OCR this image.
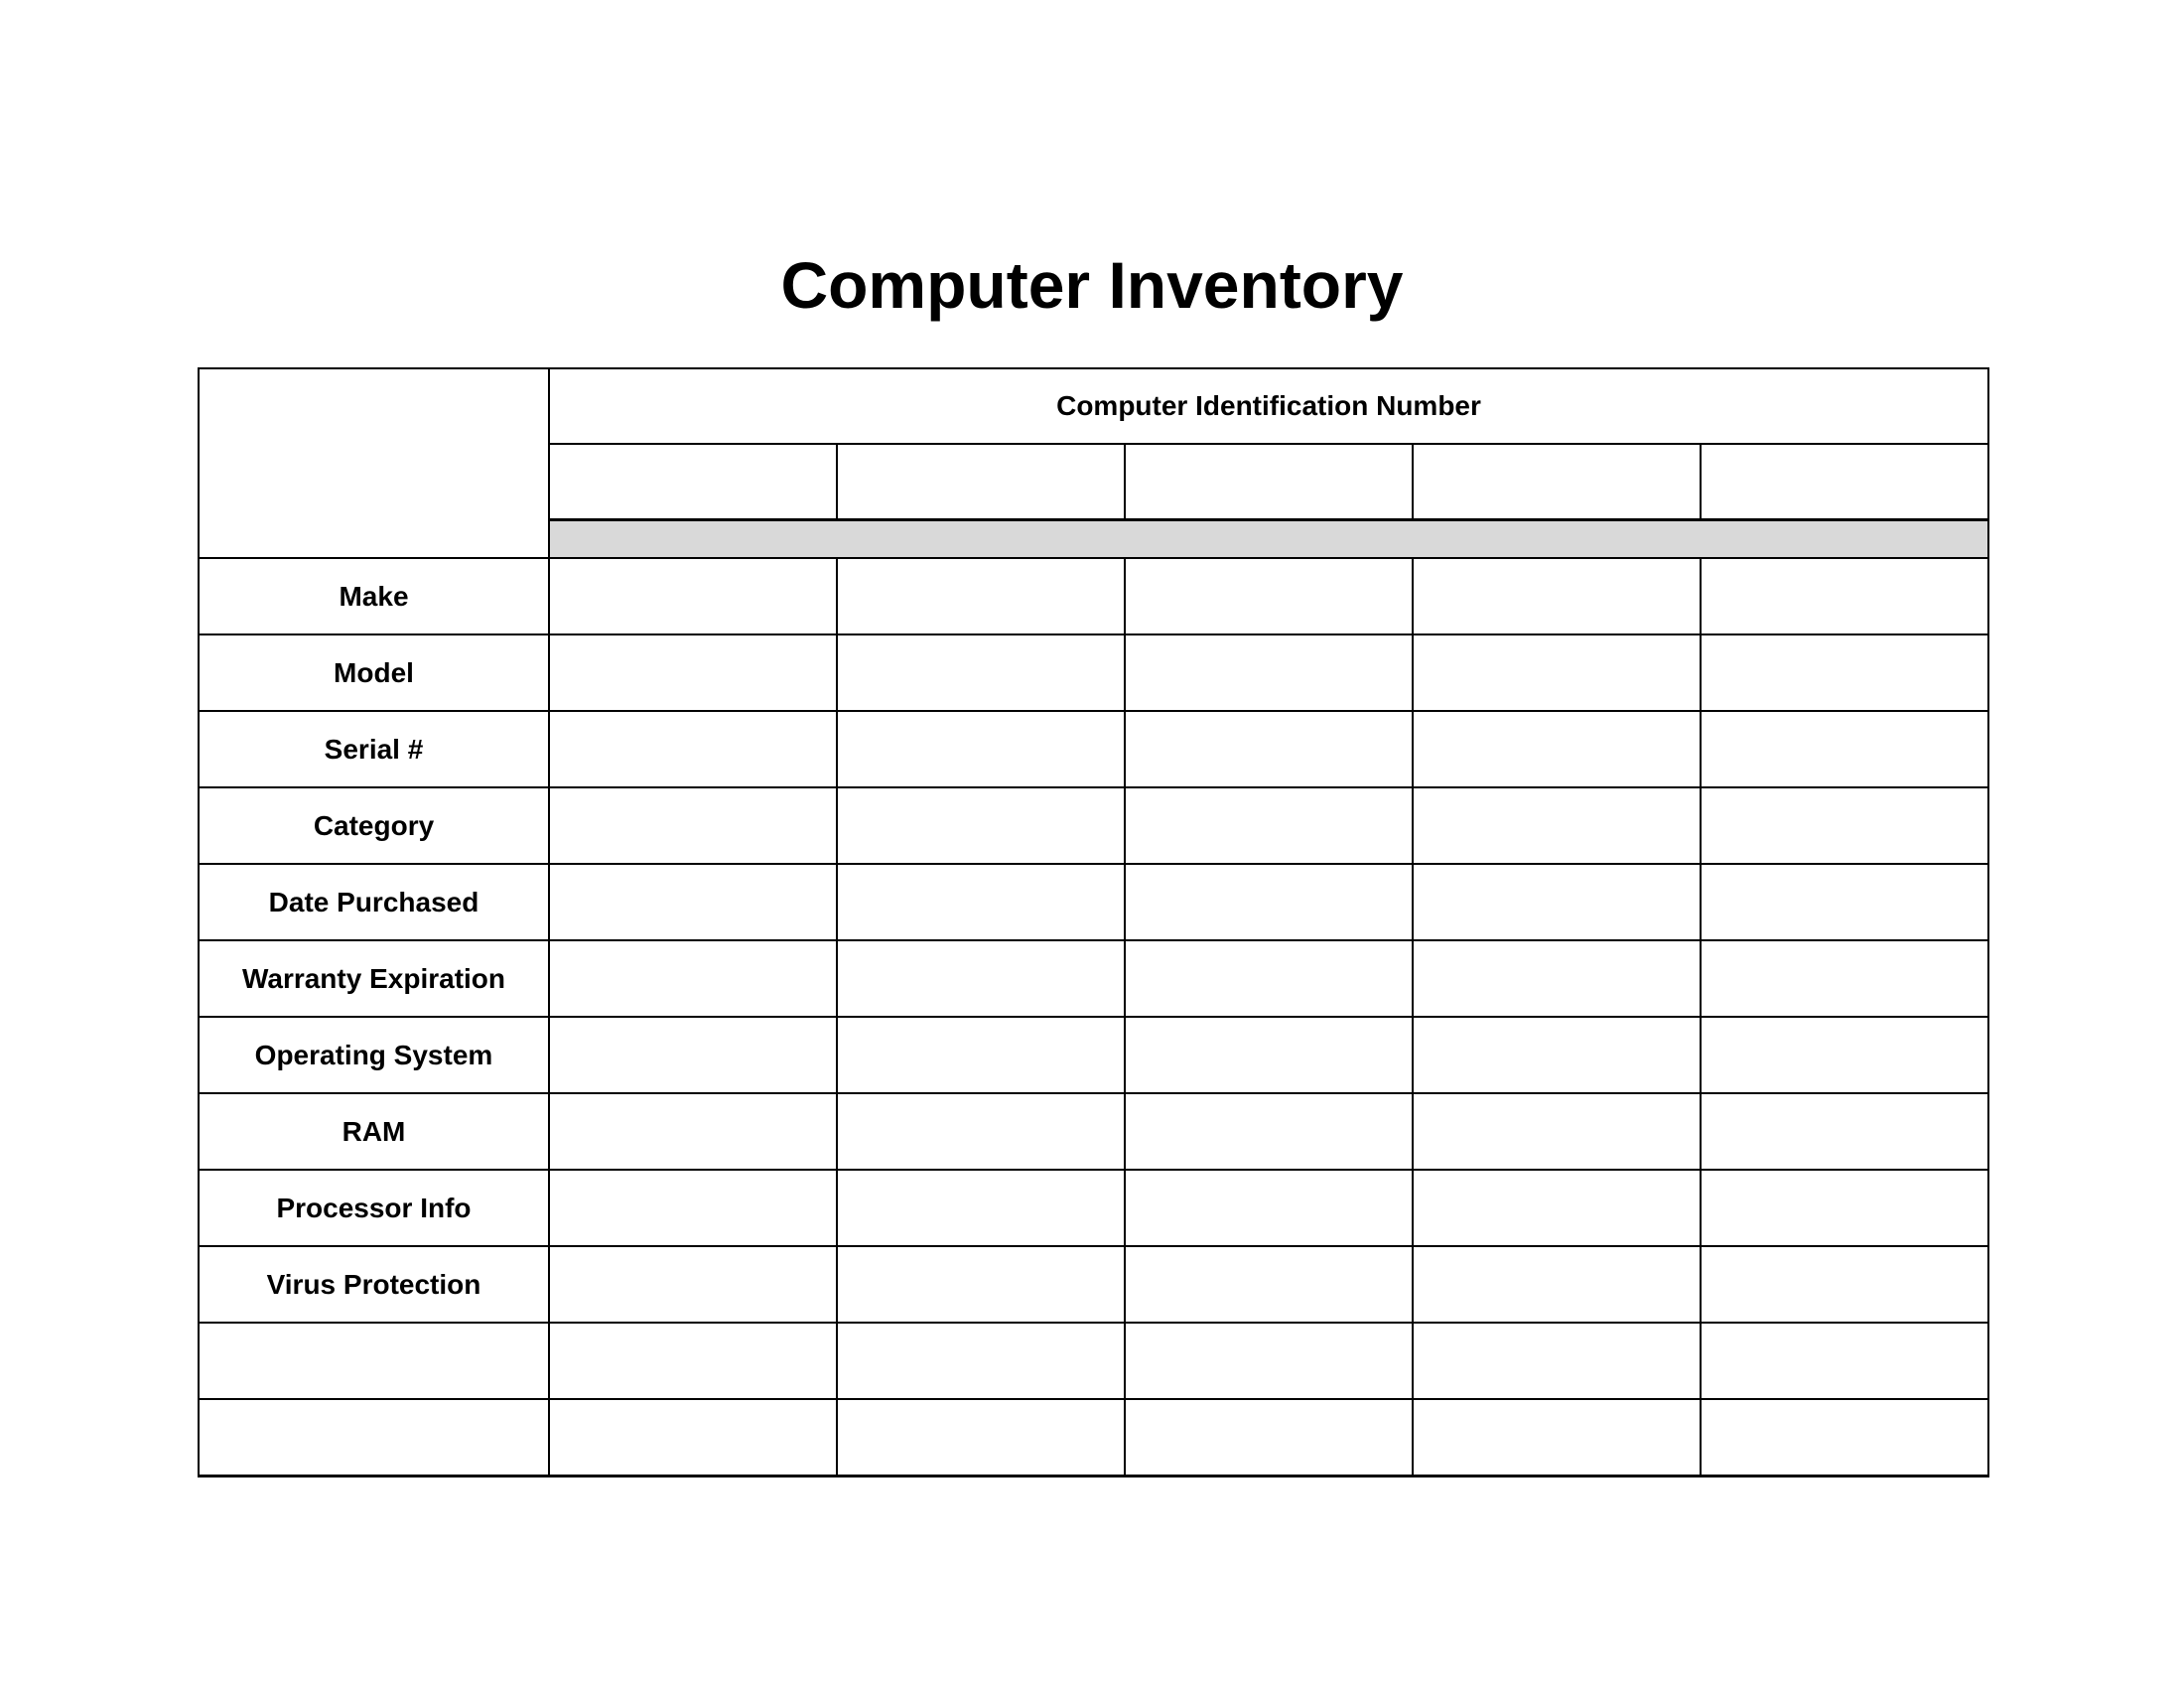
Computer Inventory
	Computer Identification Number				

Make					
Model					
Serial #					
Category					
Date Purchased					
Warranty Expiration					
Operating System					
RAM					
Processor Info					
Virus Protection					
